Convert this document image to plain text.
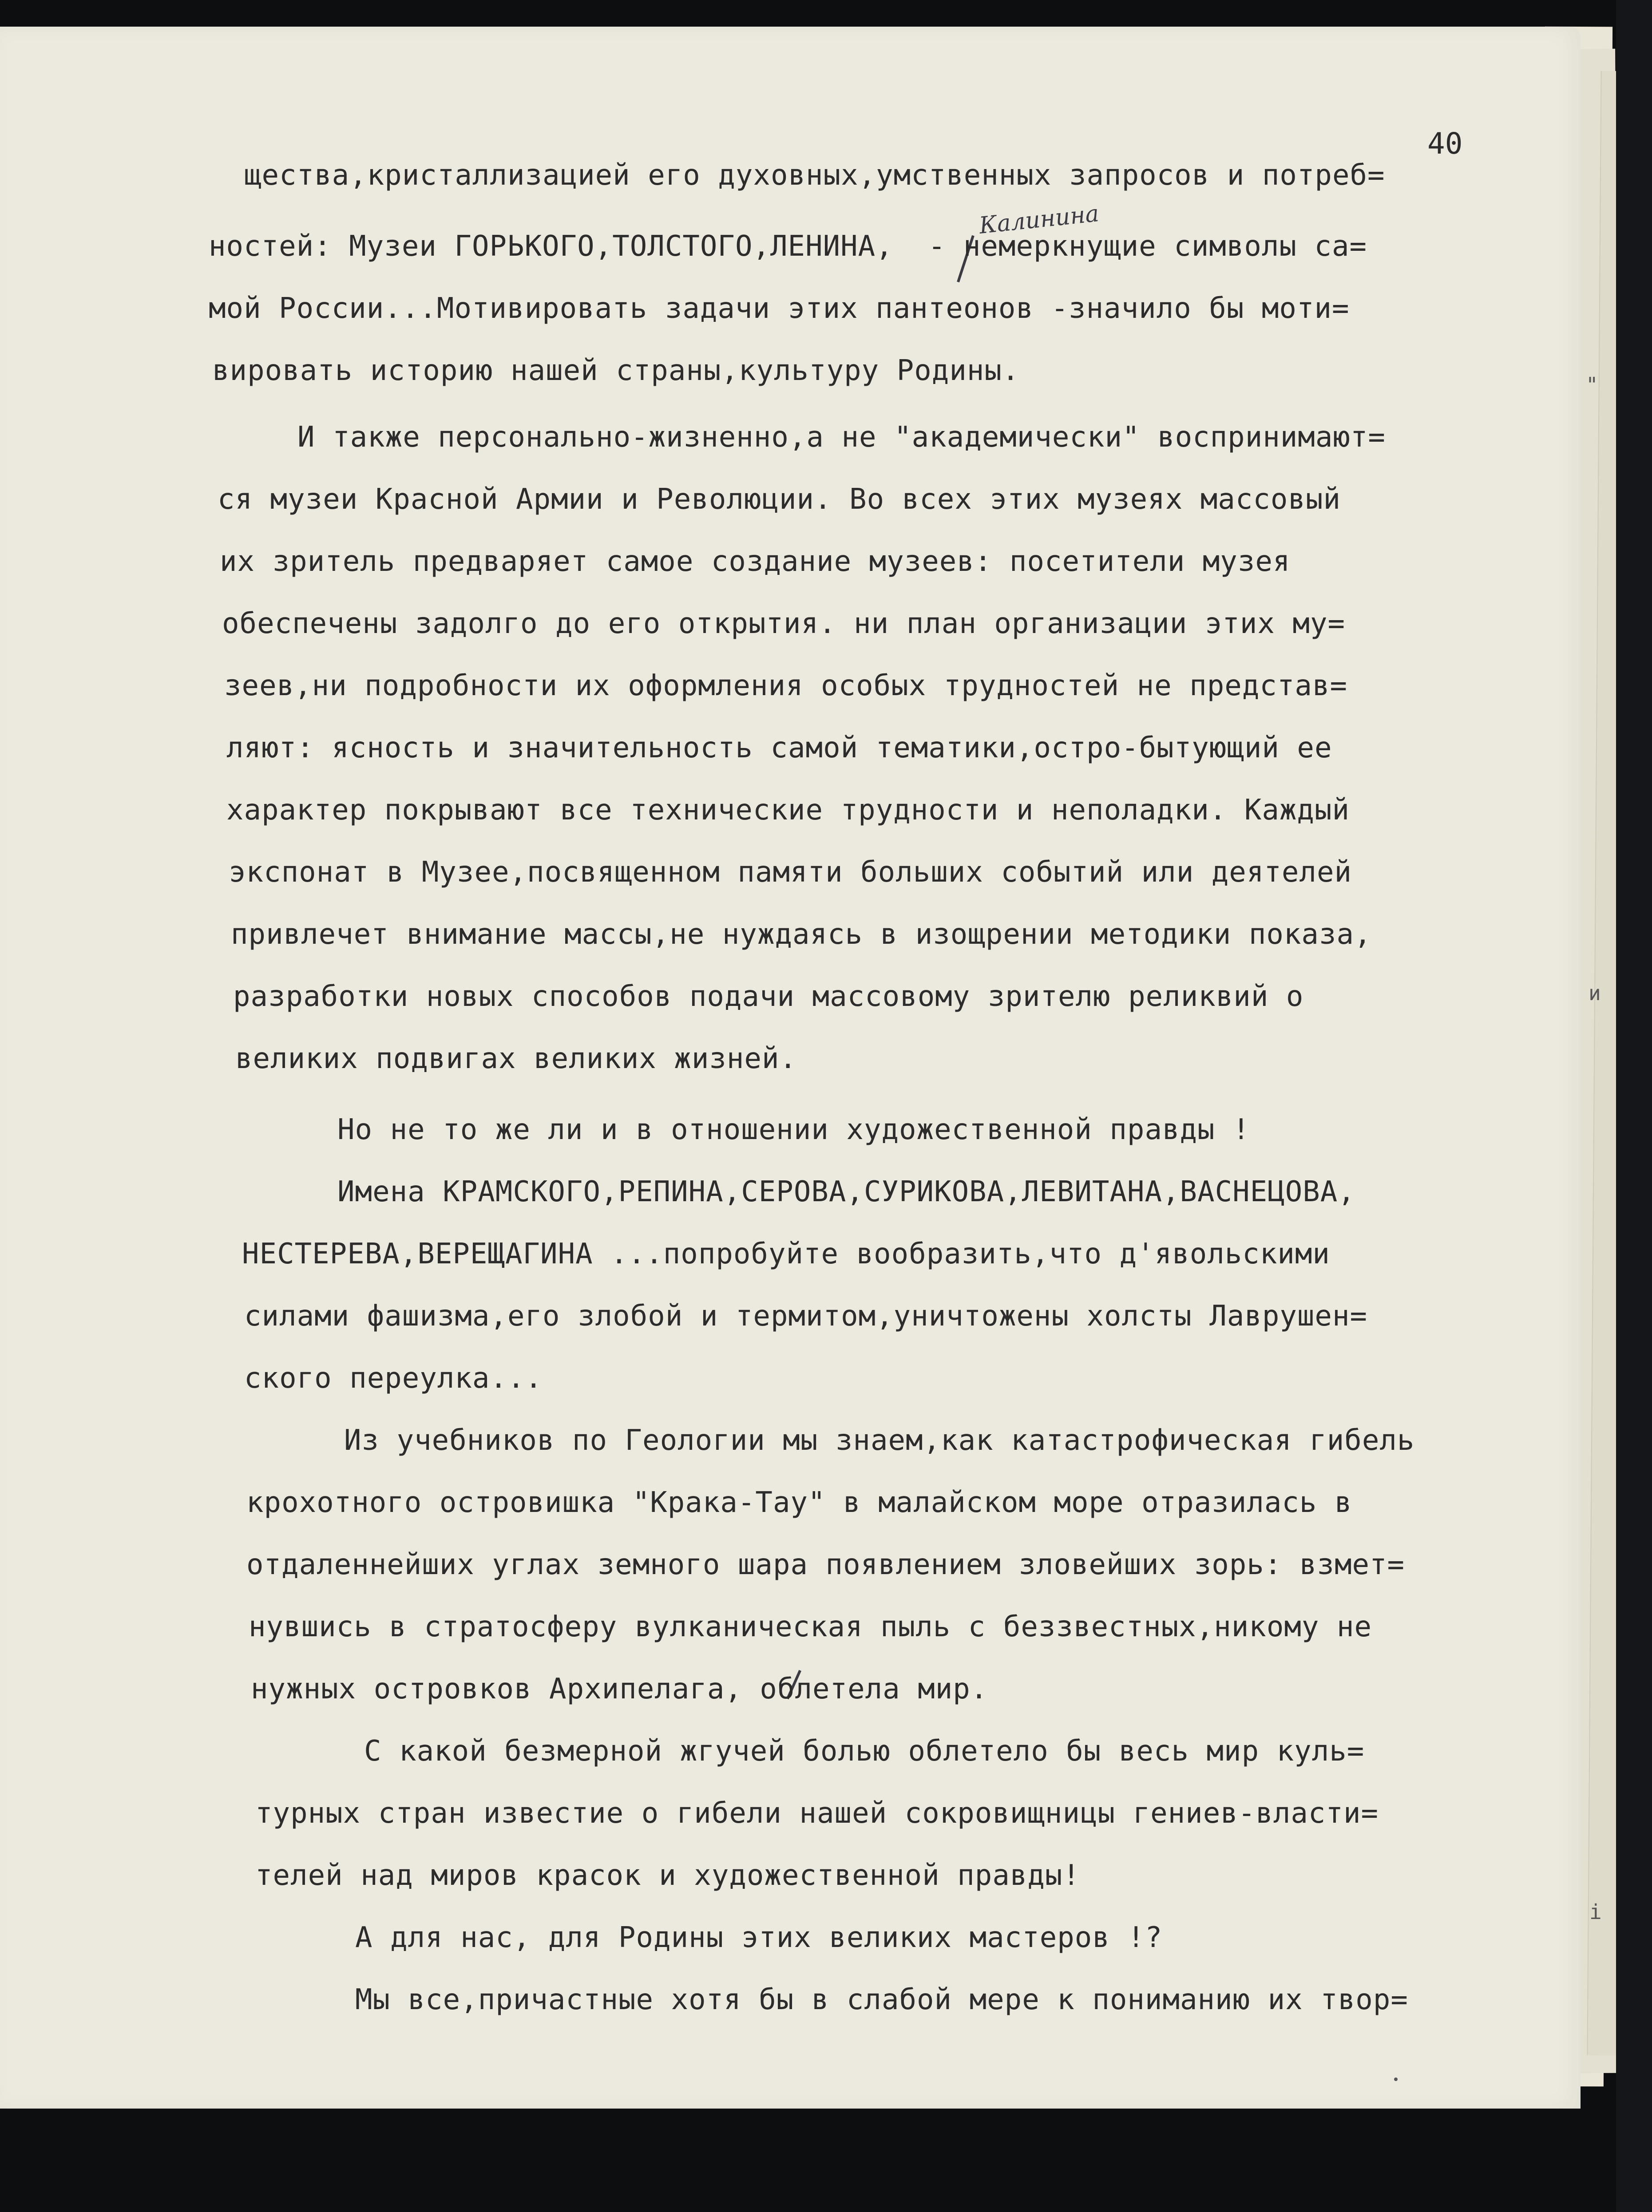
"
и
і
40
Калинина
щества,кристаллизацией его духовных,умственных запросов и потреб=
ностей: Музеи ГОРЬКОГО,ТОЛСТОГО,ЛЕНИНА,  - немеркнущие символы са=
мой России...Мотивировать задачи этих пантеонов -значило бы моти=
вировать историю нашей страны,культуру Родины.
И также персонально-жизненно,а не "академически" воспринимают=
ся музеи Красной Армии и Революции. Во всех этих музеях массовый
их зритель предваряет самое создание музеев: посетители музея
обеспечены задолго до его открытия. ни план организации этих му=
зеев,ни подробности их оформления особых трудностей не представ=
ляют: ясность и значительность самой тематики,остро-бытующий ее
характер покрывают все технические трудности и неполадки. Каждый
экспонат в Музее,посвященном памяти больших событий или деятелей
привлечет внимание массы,не нуждаясь в изощрении методики показа,
разработки новых способов подачи массовому зрителю реликвий о
великих подвигах великих жизней.
Но не то же ли и в отношении художественной правды !
Имена КРАМСКОГО,РЕПИНА,СЕРОВА,СУРИКОВА,ЛЕВИТАНА,ВАСНЕЦОВА,
НЕСТЕРЕВА,ВЕРЕЩАГИНА ...попробуйте вообразить,что д'явольскими
силами фашизма,его злобой и термитом,уничтожены холсты Лаврушен=
ского переулка...
Из учебников по Геологии мы знаем,как катастрофическая гибель
крохотного островишка "Крака-Тау" в малайском море отразилась в
отдаленнейших углах земного шара появлением зловейших зорь: взмет=
нувшись в стратосферу вулканическая пыль с беззвестных,никому не
нужных островков Архипелага, облетела мир.
С какой безмерной жгучей болью облетело бы весь мир куль=
турных стран известие о гибели нашей сокровищницы гениев-власти=
телей над миров красок и художественной правды!
А для нас, для Родины этих великих мастеров !?
Мы все,причастные хотя бы в слабой мере к пониманию их твор=
